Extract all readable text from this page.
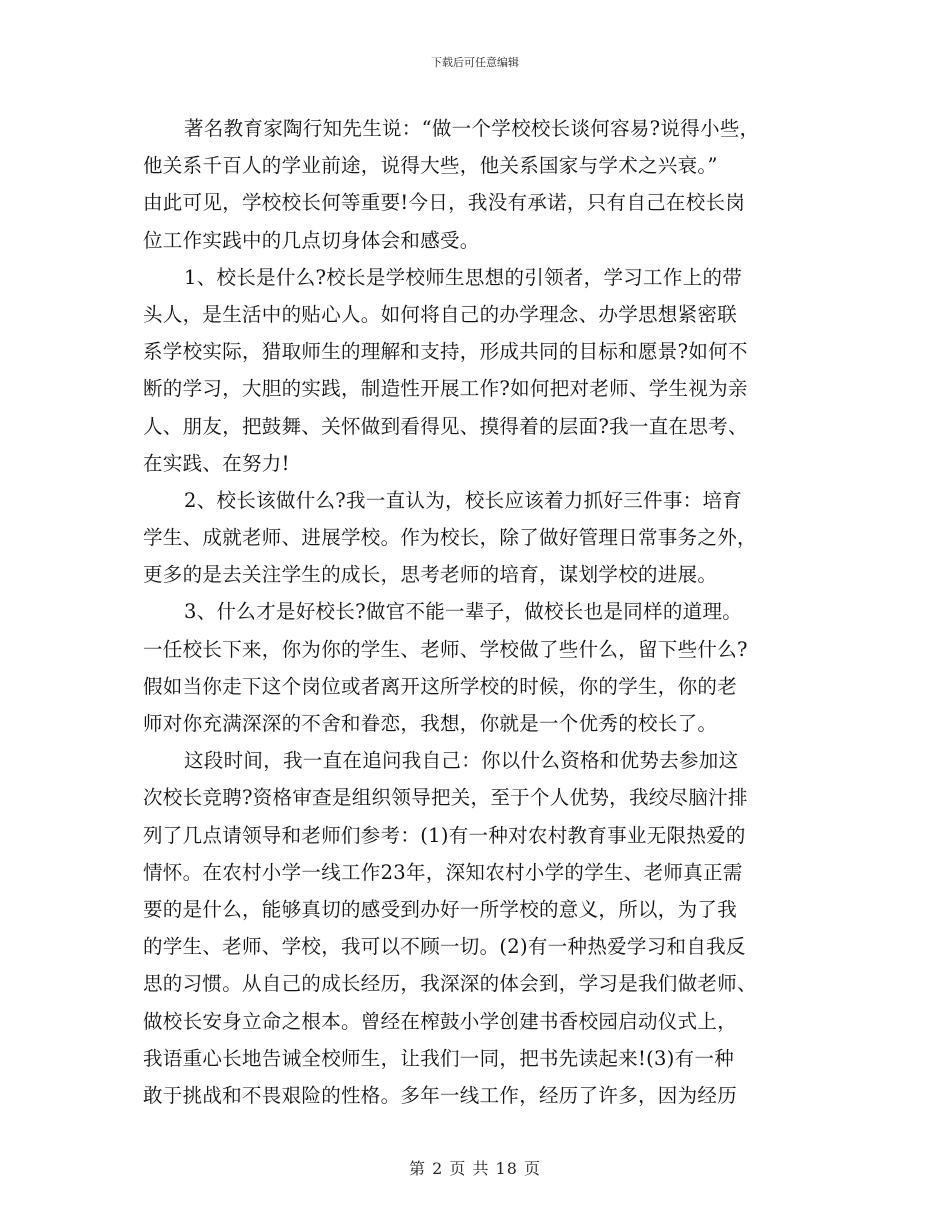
下载后可任意编辑
著名教育家陶行知先生说：“做一个学校校长谈何容易?说得小些，
他关系千百人的学业前途，说得大些，他关系国家与学术之兴衰。”
由此可见，学校校长何等重要!今日，我没有承诺，只有自己在校长岗
位工作实践中的几点切身体会和感受。
1、校长是什么?校长是学校师生思想的引领者，学习工作上的带
头人，是生活中的贴心人。如何将自己的办学理念、办学思想紧密联
系学校实际，猎取师生的理解和支持，形成共同的目标和愿景?如何不
断的学习，大胆的实践，制造性开展工作?如何把对老师、学生视为亲
人、朋友，把鼓舞、关怀做到看得见、摸得着的层面?我一直在思考、
在实践、在努力!
2、校长该做什么?我一直认为，校长应该着力抓好三件事：培育
学生、成就老师、进展学校。作为校长，除了做好管理日常事务之外，
更多的是去关注学生的成长，思考老师的培育，谋划学校的进展。
3、什么才是好校长?做官不能一辈子，做校长也是同样的道理。
一任校长下来，你为你的学生、老师、学校做了些什么，留下些什么?
假如当你走下这个岗位或者离开这所学校的时候，你的学生，你的老
师对你充满深深的不舍和眷恋，我想，你就是一个优秀的校长了。
这段时间，我一直在追问我自己：你以什么资格和优势去参加这
次校长竞聘?资格审查是组织领导把关，至于个人优势，我绞尽脑汁排
列了几点请领导和老师们参考：(1)有一种对农村教育事业无限热爱的
情怀。在农村小学一线工作23年，深知农村小学的学生、老师真正需
要的是什么，能够真切的感受到办好一所学校的意义，所以，为了我
的学生、老师、学校，我可以不顾一切。(2)有一种热爱学习和自我反
思的习惯。从自己的成长经历，我深深的体会到，学习是我们做老师、
做校长安身立命之根本。曾经在榨鼓小学创建书香校园启动仪式上，
我语重心长地告诫全校师生，让我们一同，把书先读起来!(3)有一种
敢于挑战和不畏艰险的性格。多年一线工作，经历了许多，因为经历
第 2 页 共 18 页
